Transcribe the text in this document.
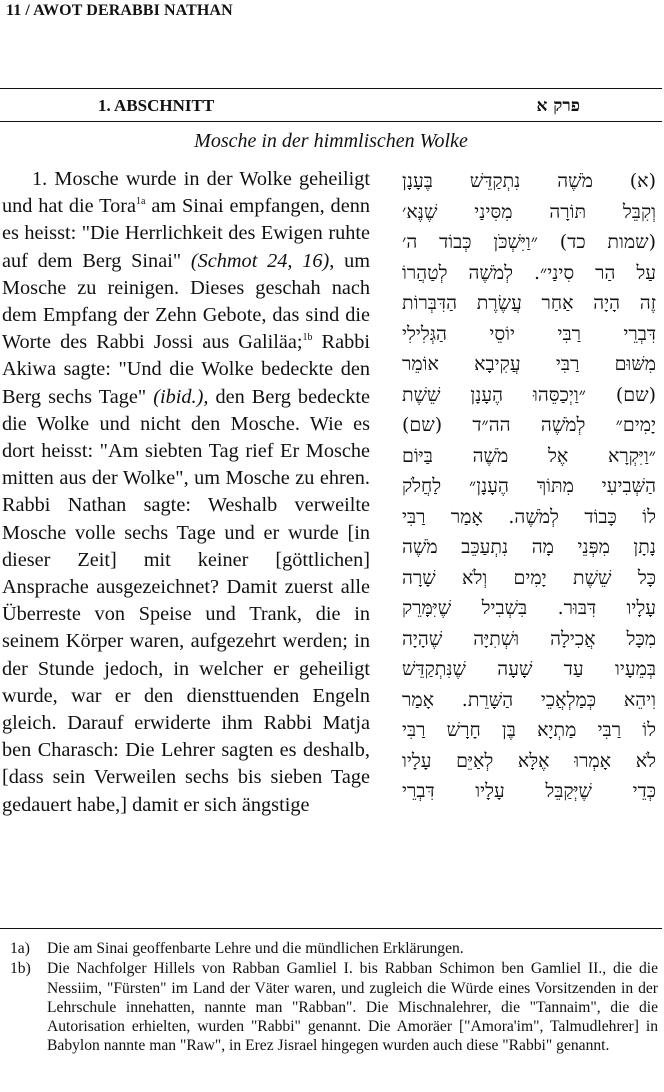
11 / AWOT DERABBI NATHAN
1. ABSCHNITT	פרק א
Mosche in der himmlischen Wolke

1. Mosche wurde in der Wolke geheiligt und hat die Tora$^{1a}$ am Sinai empfangen, denn es heisst: "Die Herrlichkeit des Ewigen ruhte auf dem Berg Sinai" (Schmot 24, 16), um Mosche zu reinigen. Dieses geschah nach dem Empfang der Zehn Gebote, das sind die Worte des Rabbi Jossi aus Galiläa;$^{1b}$ Rabbi Akiwa sagte: "Und die Wolke bedeckte den Berg sechs Tage" (ibid.), den Berg bedeckte die Wolke und nicht den Mosche. Wie es dort heisst: "Am siebten Tag rief Er Mosche mitten aus der Wolke", um Mosche zu ehren. Rabbi Nathan sagte: Weshalb verweilte Mosche volle sechs Tage und er wurde [in dieser Zeit] mit keiner [göttlichen] Ansprache ausgezeichnet? Damit zuerst alle Überreste von Speise und Trank, die in seinem Körper waren, aufgezehrt werden; in der Stunde jedoch, in welcher er geheiligt wurde, war er den diensttuenden Engeln gleich. Darauf erwiderte ihm Rabbi Matja ben Charasch: Die Lehrer sagten es deshalb, [dass sein Verweilen sechs bis sieben Tage gedauert habe,] damit er sich ängstige

(א) מֹשֶׁה נִתְקַדֵּשׁ בֶּעָנָן
וְקִבֵּל תּוֹרָה מִסִּינַי שֶׁנֶּא׳
(שמות כד) ״וַיִּשְׁכֹּן כְּבוֹד ה׳
עַל הַר סִינַי״. לְמֹשֶׁה לְטַהֲרוֹ
זֶה הָיָה אַחַר עֲשֶׂרֶת הַדִּבְּרוֹת
דִּבְרֵי רַבִּי יוֹסֵי הַגְּלִילִי
מִשּׁוּם רַבִּי עֲקִיבָא אוֹמֵר
(שם) ״וַיְכַסֵּהוּ הֶעָנָן שֵׁשֶׁת
יָמִים״ לְמֹשֶׁה הה״ד (שם)
״וַיִּקְרָא אֶל מֹשֶׁה בַּיּוֹם
הַשְּׁבִיעִי מִתּוֹךְ הֶעָנָן״ לַחֲלֹק
לוֹ כָּבוֹד לְמֹשֶׁה. אָמַר רַבִּי
נָתָן מִפְּנֵי מָה נִתְעַכֵּב מֹשֶׁה
כָּל שֵׁשֶׁת יָמִים וְלֹא שָׁרָה
עָלָיו דִּבּוּר. בִּשְׁבִיל שֶׁיִּמָּרֵק
מִכָּל אֲכִילָה וּשְׁתִיָּה שֶׁהָיָה
בְּמֵעָיו עַד שָׁעָה שֶׁנִּתְקַדֵּשׁ
וִיהֵא כְּמַלְאֲכֵי הַשָּׁרֵת. אָמַר
לוֹ רַבִּי מַתְיָא בֶּן חָרָשׁ רַבִּי
לֹא אָמְרוּ אֶלָּא לְאַיֵּם עָלָיו
כְּדֵי שֶׁיְּקַבֵּל עָלָיו דִּבְרֵי
1a) Die am Sinai geoffenbarte Lehre und die mündlichen Erklärungen.
1b) Die Nachfolger Hillels von Rabban Gamliel I. bis Rabban Schimon ben Gamliel II., die die Nessiim, "Fürsten" im Land der Väter waren, und zugleich die Würde eines Vorsitzenden in der Lehrschule innehatten, nannte man "Rabban". Die Mischnalehrer, die "Tannaim", die die Autorisation erhielten, wurden "Rabbi" genannt. Die Amoräer ["Amora'im", Talmudlehrer] in Babylon nannte man "Raw", in Erez Jisrael hingegen wurden auch diese "Rabbi" genannt.
